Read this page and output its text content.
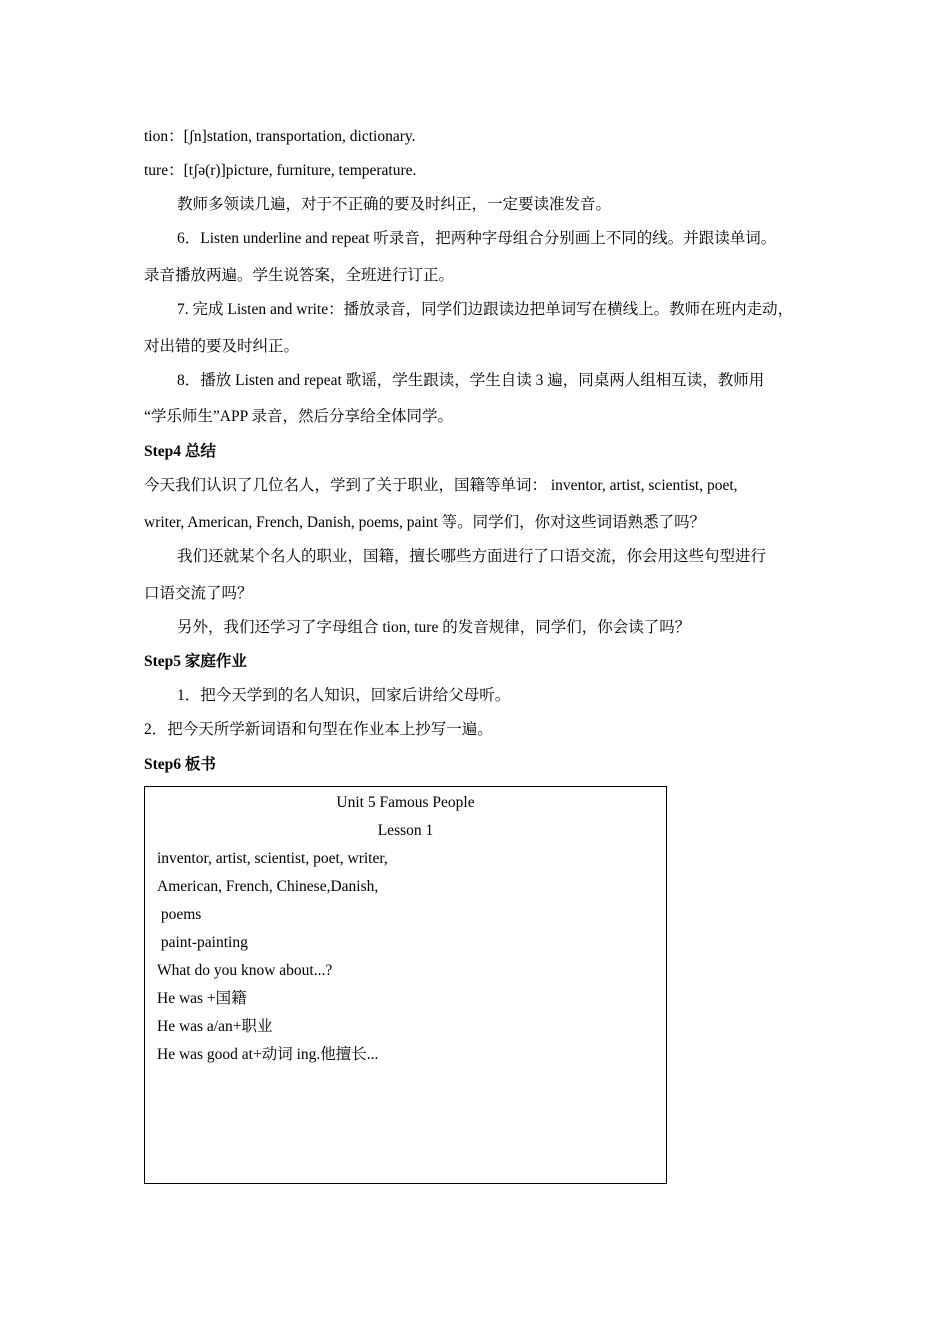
tion：[ʃn]station, transportation, dictionary.
ture：[tʃə(r)]picture, furniture, temperature.
教师多领读几遍，对于不正确的要及时纠正，一定要读准发音。
6．Listen underline and repeat 听录音，把两种字母组合分别画上不同的线。并跟读单词。
录音播放两遍。学生说答案，全班进行订正。
7. 完成 Listen and write：播放录音，同学们边跟读边把单词写在横线上。教师在班内走动，
对出错的要及时纠正。
8．播放 Listen and repeat 歌谣，学生跟读，学生自读 3 遍，同桌两人组相互读，教师用
“学乐师生”APP 录音，然后分享给全体同学。
Step4 总结
今天我们认识了几位名人，学到了关于职业，国籍等单词： inventor, artist, scientist, poet,
writer, American, French, Danish, poems, paint 等。同学们，你对这些词语熟悉了吗？
我们还就某个名人的职业，国籍，擅长哪些方面进行了口语交流，你会用这些句型进行
口语交流了吗？
另外，我们还学习了字母组合 tion, ture 的发音规律，同学们，你会读了吗？
Step5 家庭作业
1．把今天学到的名人知识，回家后讲给父母听。
2．把今天所学新词语和句型在作业本上抄写一遍。
Step6 板书
Unit 5 Famous People
Lesson 1
inventor, artist, scientist, poet, writer,
American, French, Chinese,Danish,
poems
paint-painting
What do you know about...?
He was +国籍
He was a/an+职业
He was good at+动词 ing.他擅长...
